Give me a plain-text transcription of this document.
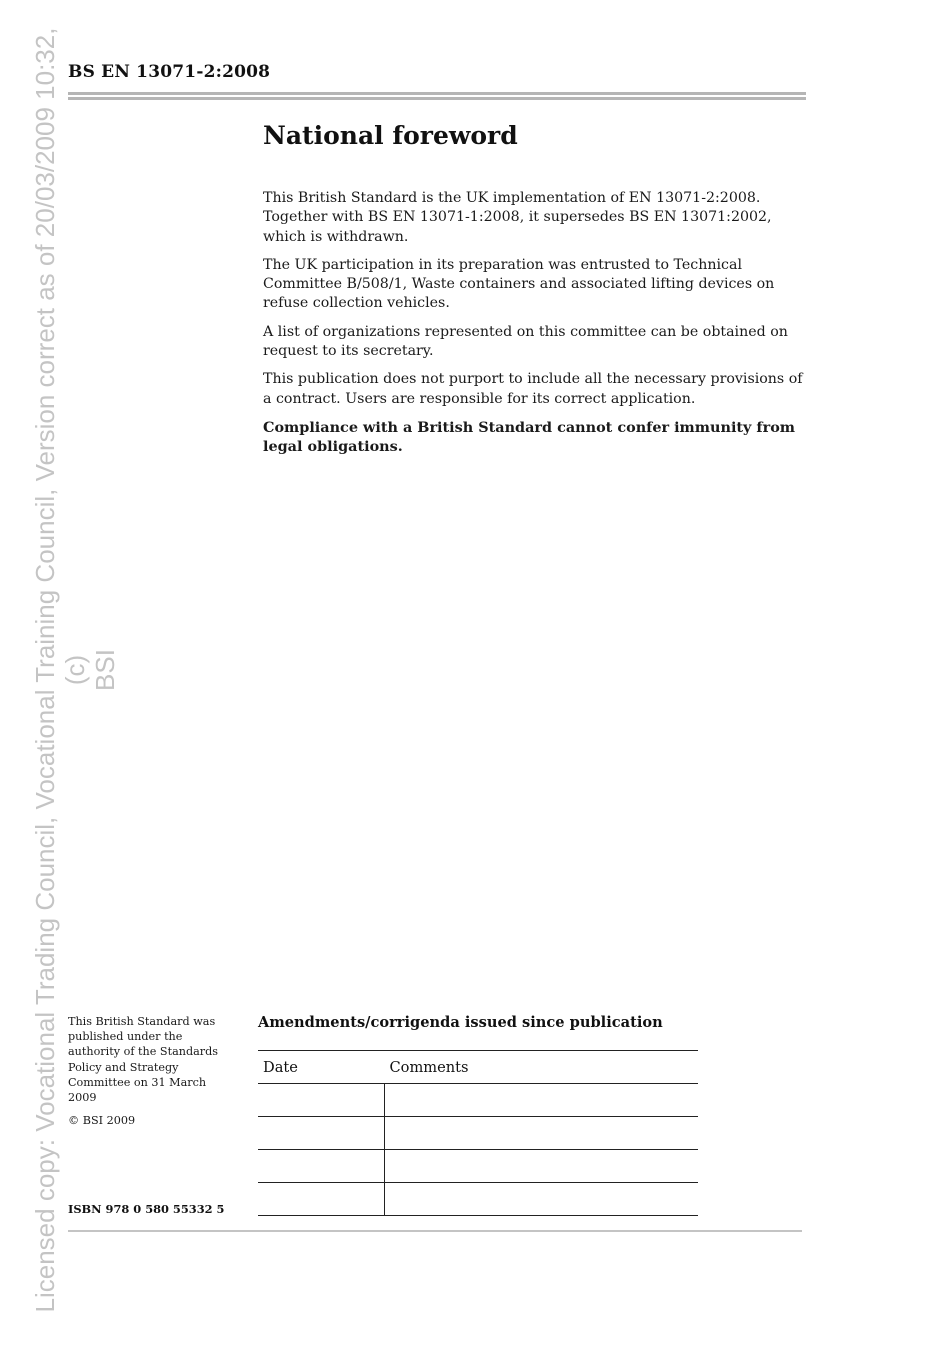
Licensed copy: Vocational Trading Council, Vocational Training Council, Version correct as of 20/03/2009 10:32, (c) BSI
BS EN 13071-2:2008
National foreword

This British Standard is the UK implementation of EN 13071-2:2008. Together with BS EN 13071-1:2008, it supersedes BS EN 13071:2002, which is withdrawn.

The UK participation in its preparation was entrusted to Technical Committee B/508/1, Waste containers and associated lifting devices on refuse collection vehicles.

A list of organizations represented on this committee can be obtained on request to its secretary.

This publication does not purport to include all the necessary provisions of a contract. Users are responsible for its correct application.

Compliance with a British Standard cannot confer immunity from legal obligations.

This British Standard was published under the authority of the Standards Policy and Strategy Committee on 31 March 2009
© BSI 2009
ISBN 978 0 580 55332 5
Amendments/corrigenda issued since publication
Date	Comments
